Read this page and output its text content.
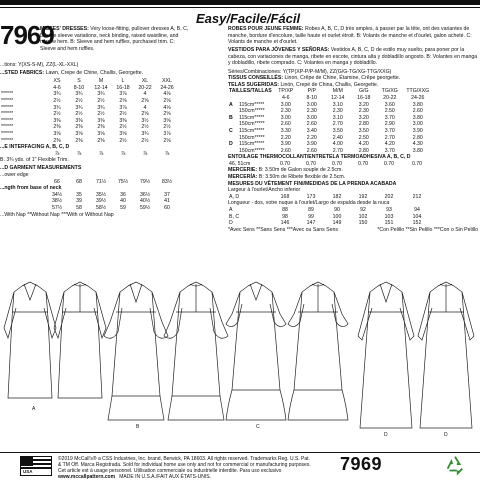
7969
Easy/Facile/Fácil
MISSES' DRESSES: Very loose-fitting, pullover dresses A, B, C, D have sleeve variations, neck binding, raised waistline, and narrow hem. B: Sleeve and hem ruffles, purchased trim. C: Sleeve and hem ruffles.
...tions: Y(XS-S-M), ZZ(L-XL-XXL)
...STED FABRICS: Lawn, Crepe de Chine, Challis, Georgette.
	XS	S	M	L	XL	XXL
	4-6	8-10	12-14	16-18	20-22	24-26
******	3¾	3¾	3¾	3⅞	4	4⅛
******	2½	2½	2½	2⅝	2⅝	2⅝
******	3¾	3¾	3¾	3⅞	4	4⅛
******	2½	2½	2½	2½	2⅝	2⅝
******	3⅜	3⅜	3⅜	3⅜	3½	3⅝
******	2⅜	2⅜	2⅜	2½	2½	2½
******	3⅝	3⅝	3⅝	3⅝	3¾	3⅞
******	2⅜	2⅜	2⅜	2½	2½	2⅝
...E INTERFACING A, B, C, D
	⅞	⅞	⅞	⅞	⅞	⅞
B. 3¾ yds. of 1" Flexible Trim.
...D GARMENT MEASUREMENTS
...ower edge
	66	68	71½	75½	79½	83½
...ngth from base of neck
	34½	35	35½	36	36½	37
	38½	39	39½	40	40½	41
	57½	58	58½	59	59½	60
...With Nap **Without Nap ***With or Without Nap
ROBES POUR JEUNE FEMME: Robes A, B, C, D très amples, à passer par la tête, ont des variantes de manche, bordure d'encolure, taille haute et ourlet étroit. B: Volants de manche et d'ourlet, galon acheté. C: Volants de manche et d'ourlet.
VESTIDOS PARA JÓVENES Y SEÑORAS: Vestidos A, B, C, D de estilo muy suelto, para poner por la cabeza, con variaciones de manga, ribete en escote, cintura alta y dobladillo angosto. B: Volantes en manga y dobladillo, ribete comprado. C: Volantes en manga y dobladillo.
Séries/Combinaciones: Y(TP(XP-P/P-M/M), ZZ(G/G-TG/XG-TTG/XXG)
TISSUS CONSEILLÉS: Linon, Crêpe de Chine, Étamine, Crêpe georgette.
TELAS SUGERIDAS: Linón, Crepé de China, Challis, Georgette.
TAILLES/TALLAS		TP/XP	P/P	M/M	G/G	TG/XG	TTG/XXG
		4-6	8-10	12-14	16-18	20-22	24-26
A	115cm*****	3.00	3.00	3.10	3.20	3.60	3.80
	150cm*****	2.30	2.30	2.30	2.30	2.50	2.60
B	115cm*****	3.00	3.00	3.10	3.20	3.70	3.80
	150cm*****	2.60	2.60	2.70	2.80	2.90	3.00
C	115cm*****	3.30	3.40	3.50	3.50	3.70	3.90
	150cm*****	2.20	2.20	2.40	2.50	2.70	2.80
D	115cm*****	3.90	3.90	4.00	4.20	4.20	4.30
	150cm*****	2.60	2.60	2.70	2.80	3.70	3.80
ENTOILAGE THERMOCOLLANT/ENTRETELA TERMOADHESIVA A, B, C, D
46, 51cm	0.70	0.70	0.70	0.70	0.70	0.70
MERCERIE: B: 3.50m de Galon souple de 2.5cm.
MERCERÍA: B: 3.50m de Ribete flexible de 2.5cm.
MESURES DU VÊTEMENT FINI/MEDIDAS DE LA PRENDA ACABADA
Largeur à l'ourlet/Ancho inferior
A, D	168	173	182	192	202	212
Longueur - dos, votre nuque à l'ourlet/Largo de espalda desde la nuca
A	88	89	90	92	93	94
B, C	98	99	100	102	103	104
D	146	147	149	150	151	152
*Avec Sens **Sans Sens ***Avec ou Sans Sens	*Con Pelillo **Sin Pelillo ***Con o Sin Pelillo
A
B	C
D	D
USA
©2019 McCall's® a CSS Industries, Inc. brand, Berwick, PA 18603. All rights reserved. Trademarks Reg. U.S. Pat.
& TM Off. Marca Registrada. Sold for individual home use only and not for commercial or manufacturing purposes.
Cet article est à usage personnel. Utilisation commerciale ou industrielle interdite. Para uso exclusivo
www.mccallpattern.com MADE IN U.S.A./FAIT AUX ÉTATS-UNIS.
7969
